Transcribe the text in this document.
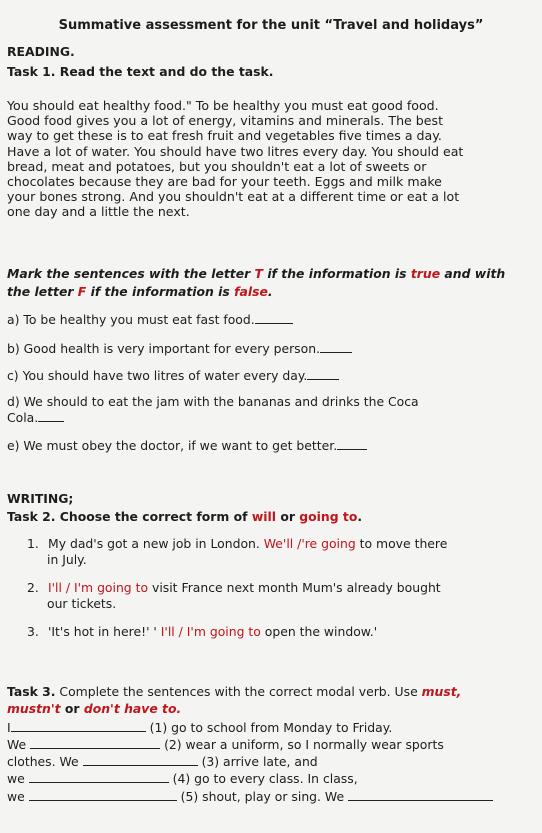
Summative assessment for the unit “Travel and holidays”
READING.
Task 1. Read the text and do the task.
You should eat healthy food." To be healthy you must eat good food.
Good food gives you a lot of energy, vitamins and minerals. The best
way to get these is to eat fresh fruit and vegetables five times a day.
Have a lot of water. You should have two litres every day. You should eat
bread, meat and potatoes, but you shouldn't eat a lot of sweets or
chocolates because they are bad for your teeth. Eggs and milk make
your bones strong. And you shouldn't eat at a different time or eat a lot
one day and a little the next.
Mark the sentences with the letter T if the information is true and with
the letter F if the information is false.
a) To be healthy you must eat fast food.
b) Good health is very important for every person.
c) You should have two litres of water every day.
d) We should to eat the jam with the bananas and drinks the Coca
Cola.
e) We must obey the doctor, if we want to get better.
WRITING;
Task 2. Choose the correct form of will or going to.
1. My dad's got a new job in London. We'll /'re going to move there
in July.
2. I'll / I'm going to visit France next month Mum's already bought
our tickets.
3. 'It's hot in here!' ' I'll / I'm going to open the window.'
Task 3. Complete the sentences with the correct modal verb. Use must,
mustn't or don't have to.
I	(1) go to school from Monday to Friday.
We	(2) wear a uniform, so I normally wear sports
clothes. We	(3) arrive late, and
we	(4) go to every class. In class,
we	(5) shout, play or sing. We
